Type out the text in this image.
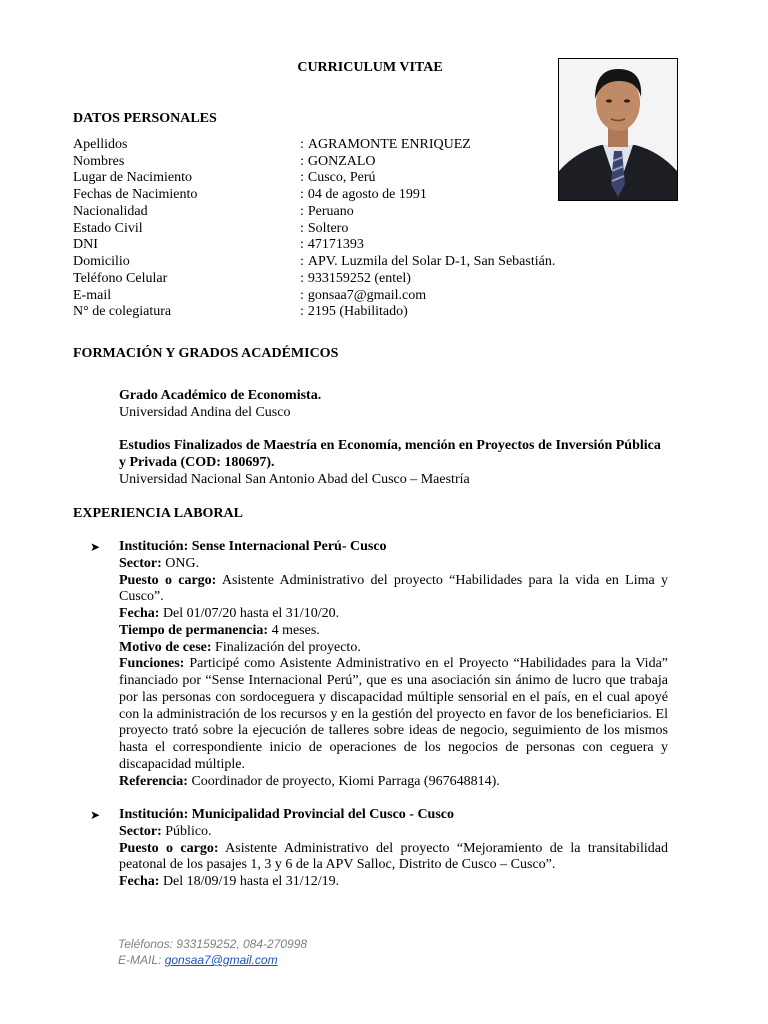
CURRICULUM VITAE
DATOS PERSONALES
Apellidos	: AGRAMONTE ENRIQUEZ
Nombres	: GONZALO
Lugar de Nacimiento	: Cusco, Perú
Fechas de Nacimiento	: 04 de agosto de 1991
Nacionalidad	: Peruano
Estado Civil	: Soltero
DNI	: 47171393
Domicilio	: APV. Luzmila del Solar D-1, San Sebastián.
Teléfono Celular	: 933159252 (entel)
E-mail	: gonsaa7@gmail.com
N° de colegiatura	: 2195 (Habilitado)
FORMACIÓN Y GRADOS ACADÉMICOS
Grado Académico de Economista.
Universidad Andina del Cusco
Estudios Finalizados de Maestría en Economía, mención en Proyectos de Inversión Pública y Privada (COD: 180697).
Universidad Nacional San Antonio Abad del Cusco – Maestría
EXPERIENCIA LABORAL
➤ Institución: Sense Internacional Perú- Cusco
Sector: ONG.
Puesto o cargo: Asistente Administrativo del proyecto “Habilidades para la vida en Lima y Cusco”.
Fecha: Del 01/07/20 hasta el 31/10/20.
Tiempo de permanencia: 4 meses.
Motivo de cese: Finalización del proyecto.
Funciones: Participé como Asistente Administrativo en el Proyecto “Habilidades para la Vida” financiado por “Sense Internacional Perú”, que es una asociación sin ánimo de lucro que trabaja por las personas con sordoceguera y discapacidad múltiple sensorial en el país, en el cual apoyé con la administración de los recursos y en la gestión del proyecto en favor de los beneficiarios. El proyecto trató sobre la ejecución de talleres sobre ideas de negocio, seguimiento de los mismos hasta el correspondiente inicio de operaciones de los negocios de personas con ceguera y discapacidad múltiple.
Referencia: Coordinador de proyecto, Kiomi Parraga (967648814).
➤ Institución: Municipalidad Provincial del Cusco - Cusco
Sector: Público.
Puesto o cargo: Asistente Administrativo del proyecto “Mejoramiento de la transitabilidad peatonal de los pasajes 1, 3 y 6 de la APV Salloc, Distrito de Cusco – Cusco”.
Fecha: Del 18/09/19 hasta el 31/12/19.
Teléfonos: 933159252, 084-270998
E-MAIL: gonsaa7@gmail.com
